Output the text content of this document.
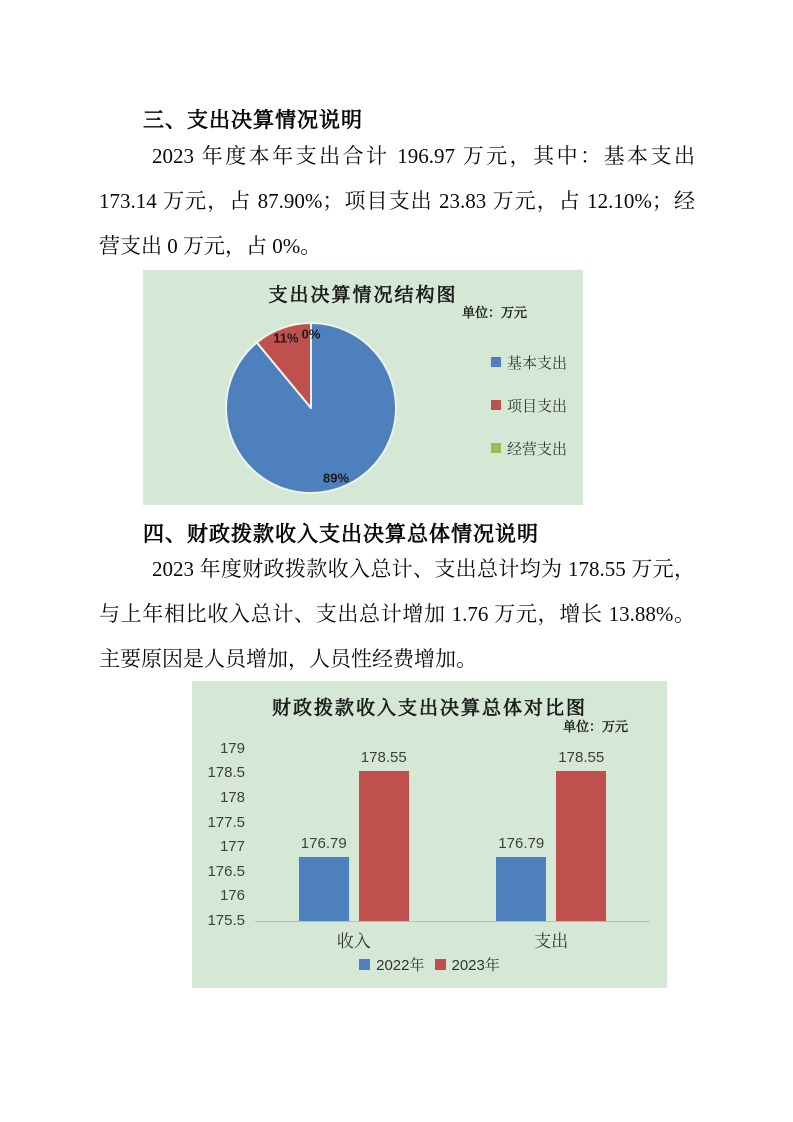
三、支出决算情况说明
2023 年度本年支出合计 196.97 万元，其中：基本支出 173.14 万元，占 87.90%；项目支出 23.83 万元，占 12.10%；经营支出 0 万元，占 0%。
支出决算情况结构图
单位：万元
89%
11% 0%
基本支出
项目支出
经营支出
四、财政拨款收入支出决算总体情况说明
2023 年度财政拨款收入总计、支出总计均为 178.55 万元，与上年相比收入总计、支出总计增加 1.76 万元，增长 13.88%。主要原因是人员增加，人员性经费增加。
财政拨款收入支出决算总体对比图
单位：万元
179
178.5
178
177.5
177
176.5
176
175.5
176.79
178.55
176.79
178.55
收入	支出
2022年 2023年
